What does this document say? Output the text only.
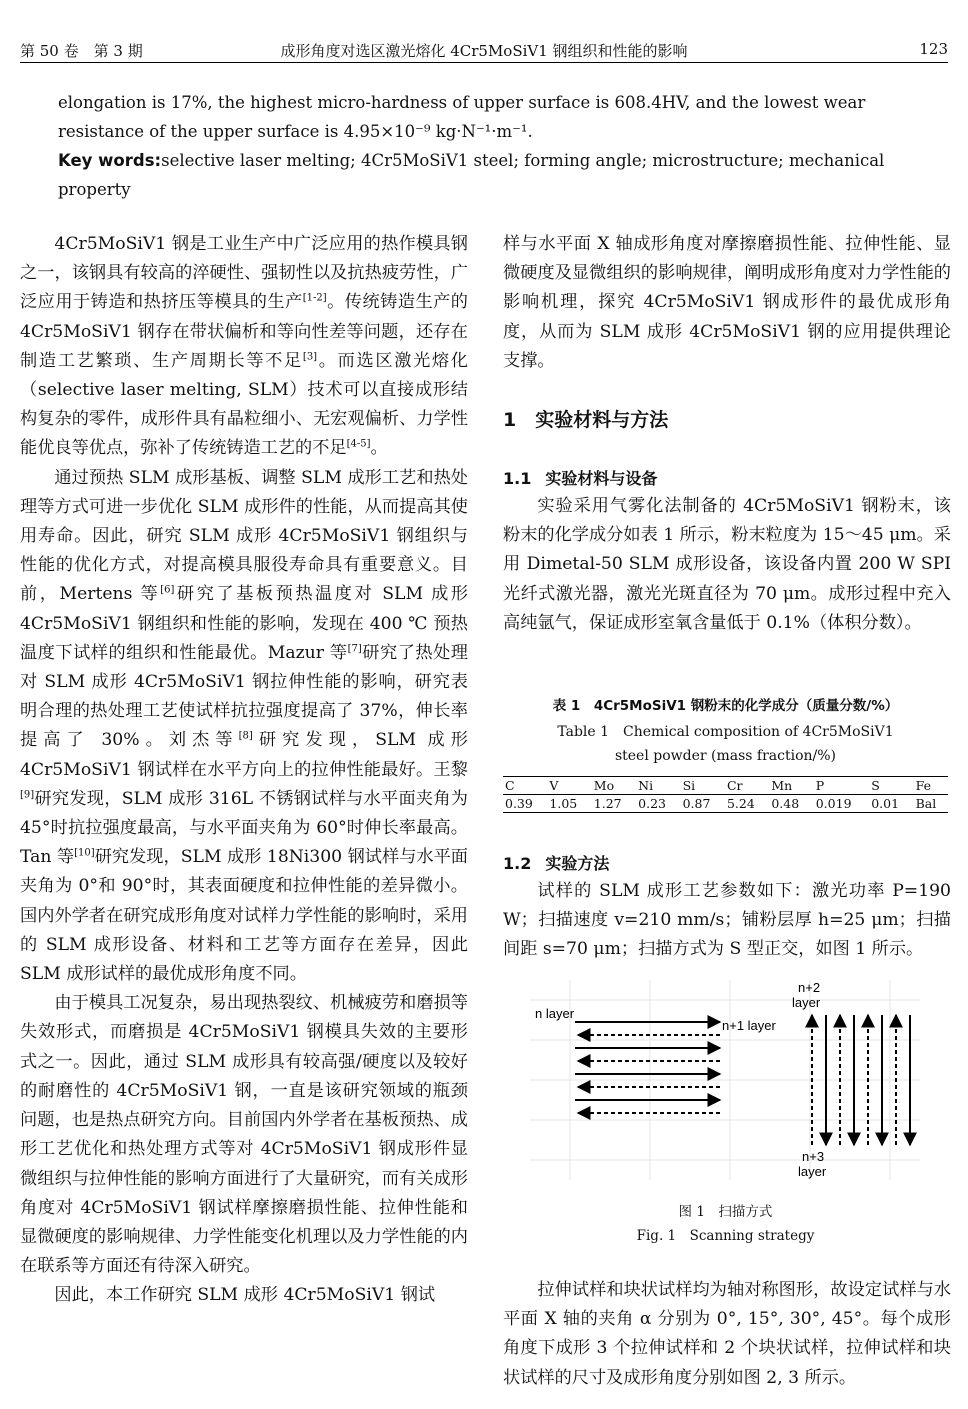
第 50 卷　第 3 期	成形角度对选区激光熔化 4Cr5MoSiV1 钢组织和性能的影响	123

elongation is 17%, the highest micro-hardness of upper surface is 608.4HV, and the lowest wear resistance of the upper surface is 4.95×10⁻⁹ kg·N⁻¹·m⁻¹.

Key words:selective laser melting; 4Cr5MoSiV1 steel; forming angle; microstructure; mechanical property

4Cr5MoSiV1 钢是工业生产中广泛应用的热作模具钢之一，该钢具有较高的淬硬性、强韧性以及抗热疲劳性，广泛应用于铸造和热挤压等模具的生产[1-2]。传统铸造生产的 4Cr5MoSiV1 钢存在带状偏析和等向性差等问题，还存在制造工艺繁琐、生产周期长等不足[3]。而选区激光熔化（selective laser melting, SLM）技术可以直接成形结构复杂的零件，成形件具有晶粒细小、无宏观偏析、力学性能优良等优点，弥补了传统铸造工艺的不足[4-5]。

通过预热 SLM 成形基板、调整 SLM 成形工艺和热处理等方式可进一步优化 SLM 成形件的性能，从而提高其使用寿命。因此，研究 SLM 成形 4Cr5MoSiV1 钢组织与性能的优化方式，对提高模具服役寿命具有重要意义。目前，Mertens 等[6]研究了基板预热温度对 SLM 成形 4Cr5MoSiV1 钢组织和性能的影响，发现在 400 ℃ 预热温度下试样的组织和性能最优。Mazur 等[7]研究了热处理对 SLM 成形 4Cr5MoSiV1 钢拉伸性能的影响，研究表明合理的热处理工艺使试样抗拉强度提高了 37%，伸长率提高了 30%。刘杰等[8]研究发现，SLM 成形 4Cr5MoSiV1 钢试样在水平方向上的拉伸性能最好。王黎[9]研究发现，SLM 成形 316L 不锈钢试样与水平面夹角为 45°时抗拉强度最高，与水平面夹角为 60°时伸长率最高。Tan 等[10]研究发现，SLM 成形 18Ni300 钢试样与水平面夹角为 0°和 90°时，其表面硬度和拉伸性能的差异微小。国内外学者在研究成形角度对试样力学性能的影响时，采用的 SLM 成形设备、材料和工艺等方面存在差异，因此 SLM 成形试样的最优成形角度不同。

由于模具工况复杂，易出现热裂纹、机械疲劳和磨损等失效形式，而磨损是 4Cr5MoSiV1 钢模具失效的主要形式之一。因此，通过 SLM 成形具有较高强/硬度以及较好的耐磨性的 4Cr5MoSiV1 钢，一直是该研究领域的瓶颈问题，也是热点研究方向。目前国内外学者在基板预热、成形工艺优化和热处理方式等对 4Cr5MoSiV1 钢成形件显微组织与拉伸性能的影响方面进行了大量研究，而有关成形角度对 4Cr5MoSiV1 钢试样摩擦磨损性能、拉伸性能和显微硬度的影响规律、力学性能变化机理以及力学性能的内在联系等方面还有待深入研究。

因此，本工作研究 SLM 成形 4Cr5MoSiV1 钢试

样与水平面 X 轴成形角度对摩擦磨损性能、拉伸性能、显微硬度及显微组织的影响规律，阐明成形角度对力学性能的影响机理，探究 4Cr5MoSiV1 钢成形件的最优成形角度，从而为 SLM 成形 4Cr5MoSiV1 钢的应用提供理论支撑。

1　 实验材料与方法
1.1 实验材料与设备

实验采用气雾化法制备的 4Cr5MoSiV1 钢粉末，该粉末的化学成分如表 1 所示，粉末粒度为 15～45 μm。采用 Dimetal-50 SLM 成形设备，该设备内置 200 W SPI 光纤式激光器，激光光斑直径为 70 μm。成形过程中充入高纯氩气，保证成形室氧含量低于 0.1%（体积分数）。

表 1　4Cr5MoSiV1 钢粉末的化学成分（质量分数/%）
Table 1　Chemical composition of 4Cr5MoSiV1
steel powder (mass fraction/%)
C	V	Mo	Ni	Si	Cr	Mn	P	S	Fe
0.39	1.05	1.27	0.23	0.87	5.24	0.48	0.019	0.01	Bal
1.2 实验方法

试样的 SLM 成形工艺参数如下：激光功率 P=190 W；扫描速度 v=210 mm/s；铺粉层厚 h=25 μm；扫描间距 s=70 μm；扫描方式为 S 型正交，如图 1 所示。

n layer
n+1 layer
n+2
layer
n+3
layer
图 1　扫描方式
Fig. 1　Scanning strategy

拉伸试样和块状试样均为轴对称图形，故设定试样与水平面 X 轴的夹角 α 分别为 0°, 15°, 30°, 45°。每个成形角度下成形 3 个拉伸试样和 2 个块状试样，拉伸试样和块状试样的尺寸及成形角度分别如图 2, 3 所示。
